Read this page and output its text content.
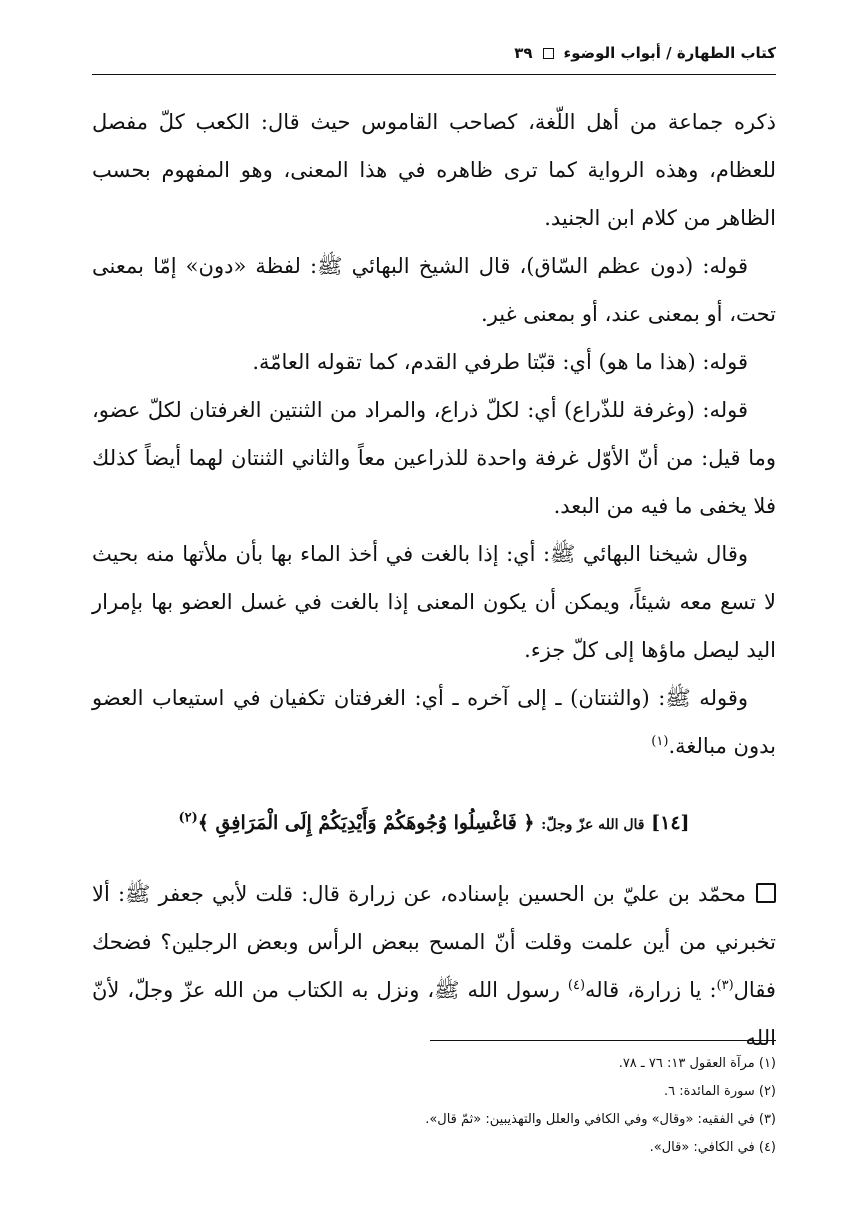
كتاب الطهارة / أبواب الوضوء
٣٩

ذكره جماعة من أهل اللّغة، كصاحب القاموس حيث قال: الكعب كلّ مفصل للعظام، وهذه الرواية كما ترى ظاهره في هذا المعنى، وهو المفهوم بحسب الظاهر من كلام ابن الجنيد.

قوله: (دون عظم السّاق)، قال الشيخ البهائي ﷺ: لفظة «دون» إمّا بمعنى تحت، أو بمعنى عند، أو بمعنى غير.

قوله: (هذا ما هو) أي: قبّتا طرفي القدم، كما تقوله العامّة.

قوله: (وغرفة للذّراع) أي: لكلّ ذراع، والمراد من الثنتين الغرفتان لكلّ عضو، وما قيل: من أنّ الأوّل غرفة واحدة للذراعين معاً والثاني الثنتان لهما أيضاً كذلك فلا يخفى ما فيه من البعد.

وقال شيخنا البهائي ﷺ: أي: إذا بالغت في أخذ الماء بها بأن ملأتها منه بحيث لا تسع معه شيئاً، ويمكن أن يكون المعنى إذا بالغت في غسل العضو بها بإمرار اليد ليصل ماؤها إلى كلّ جزء.

وقوله ﷺ: (والثنتان) ـ إلى آخره ـ أي: الغرفتان تكفيان في استيعاب العضو بدون مبالغة.$^{(١)}$

[١٤] قال الله عزّ وجلّ: ﴿ فَاغْسِلُوا وُجُوهَكُمْ وَأَيْدِيَكُمْ إِلَى الْمَرَافِقِ ﴾$^{(٢)}$

محمّد بن عليّ بن الحسين بإسناده، عن زرارة قال: قلت لأبي جعفر ﷺ: ألا تخبرني من أين علمت وقلت أنّ المسح ببعض الرأس وبعض الرجلين؟ فضحك فقال$^{(٣)}$: يا زرارة، قاله$^{(٤)}$ رسول الله ﷺ، ونزل به الكتاب من الله عزّ وجلّ، لأنّ الله

(١) مرآة العقول ١٣: ٧٦ ـ ٧٨.
(٢) سورة المائدة: ٦.
(٣) في الفقيه: «وقال» وفي الكافي والعلل والتهذيبين: «ثمّ قال».
(٤) في الكافي: «قال».
